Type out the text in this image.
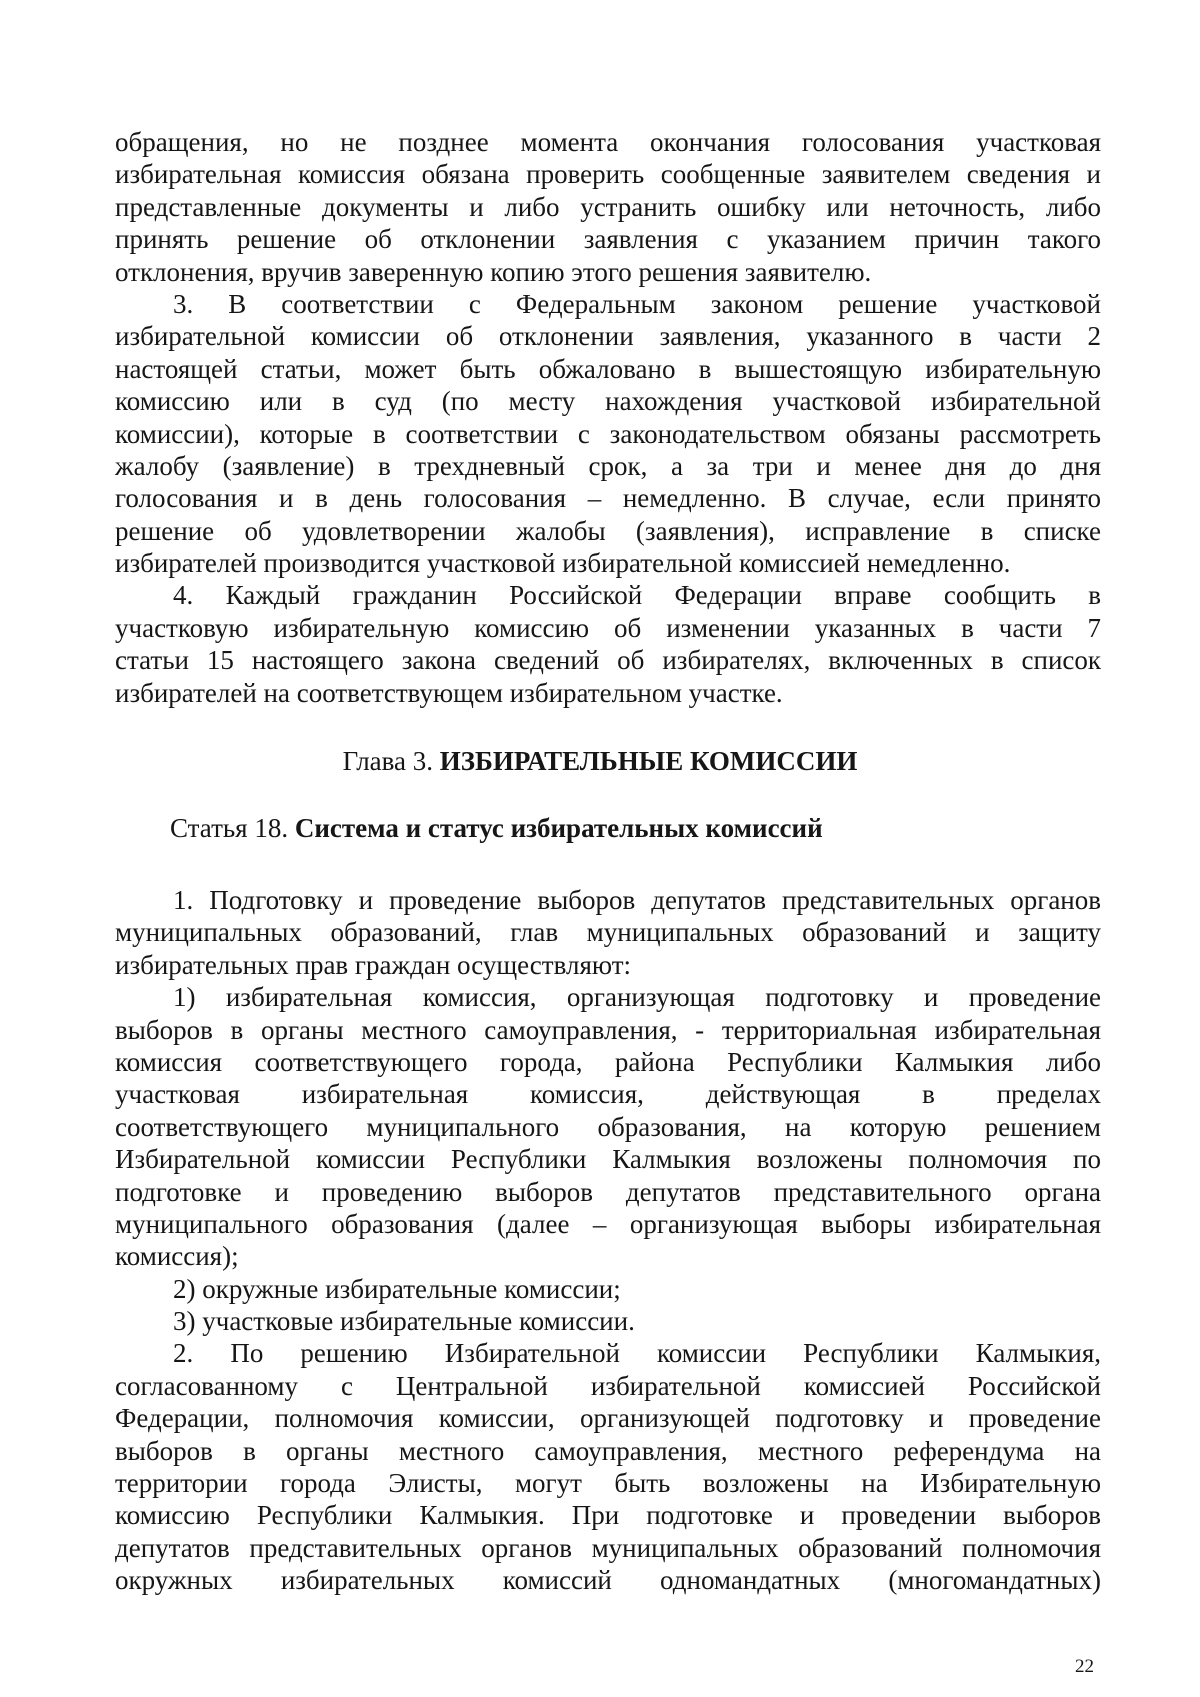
обращения, но не позднее момента окончания голосования участковая
избирательная комиссия обязана проверить сообщенные заявителем сведения и
представленные документы и либо устранить ошибку или неточность, либо
принять решение об отклонении заявления с указанием причин такого
отклонения, вручив заверенную копию этого решения заявителю.
3. В соответствии с Федеральным законом решение участковой
избирательной комиссии об отклонении заявления, указанного в части 2
настоящей статьи, может быть обжаловано в вышестоящую избирательную
комиссию или в суд (по месту нахождения участковой избирательной
комиссии), которые в соответствии с законодательством обязаны рассмотреть
жалобу (заявление) в трехдневный срок, а за три и менее дня до дня
голосования и в день голосования – немедленно. В случае, если принято
решение об удовлетворении жалобы (заявления), исправление в списке
избирателей производится участковой избирательной комиссией немедленно.
4. Каждый гражданин Российской Федерации вправе сообщить в
участковую избирательную комиссию об изменении указанных в части 7
статьи 15 настоящего закона сведений об избирателях, включенных в список
избирателей на соответствующем избирательном участке.
Глава 3. ИЗБИРАТЕЛЬНЫЕ КОМИССИИ
Статья 18. Система и статус избирательных комиссий
1. Подготовку и проведение выборов депутатов представительных органов
муниципальных образований, глав муниципальных образований и защиту
избирательных прав граждан осуществляют:
1) избирательная комиссия, организующая подготовку и проведение
выборов в органы местного самоуправления, - территориальная избирательная
комиссия соответствующего города, района Республики Калмыкия либо
участковая избирательная комиссия, действующая в пределах
соответствующего муниципального образования, на которую решением
Избирательной комиссии Республики Калмыкия возложены полномочия по
подготовке и проведению выборов депутатов представительного органа
муниципального образования (далее – организующая выборы избирательная
комиссия);
2) окружные избирательные комиссии;
3) участковые избирательные комиссии.
2. По решению Избирательной комиссии Республики Калмыкия,
согласованному с Центральной избирательной комиссией Российской
Федерации, полномочия комиссии, организующей подготовку и проведение
выборов в органы местного самоуправления, местного референдума на
территории города Элисты, могут быть возложены на Избирательную
комиссию Республики Калмыкия. При подготовке и проведении выборов
депутатов представительных органов муниципальных образований полномочия
окружных избирательных комиссий одномандатных (многомандатных)
22
